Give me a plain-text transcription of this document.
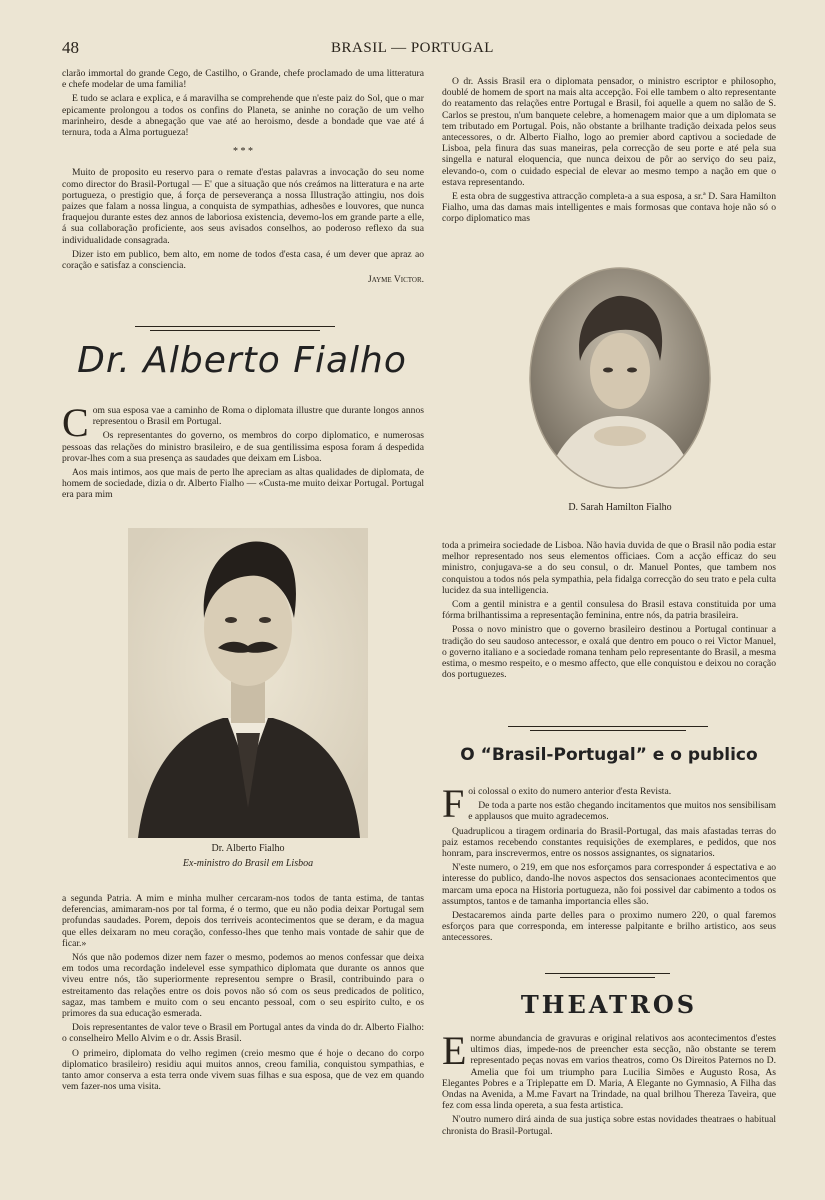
48	BRASIL — PORTUGAL

clarão immortal do grande Cego, de Castilho, o Grande, chefe proclamado de uma litteratura e chefe modelar de uma familia!

E tudo se aclara e explica, e á maravilha se comprehende que n'este paiz do Sol, que o mar epicamente prolongou a todos os confins do Planeta, se aninhe no coração de um velho marinheiro, desde a abnegação que vae até ao heroismo, desde a bondade que vae até á ternura, toda a Alma portugueza!

* * *

Muito de proposito eu reservo para o remate d'estas palavras a invocação do seu nome como director do Brasil-Portugal — E' que a situação que nós creámos na litteratura e na arte portugueza, o prestigio que, á força de perseverança a nossa Illustração attingiu, nos dois paizes que falam a nossa lingua, a conquista de sympathias, adhesões e louvores, que nunca fraquejou durante estes dez annos de laboriosa existencia, devemo-los em grande parte a elle, á sua collaboração proficiente, aos seus avisados conselhos, ao poderoso reflexo da sua individualidade consagrada.

Dizer isto em publico, bem alto, em nome de todos d'esta casa, é um dever que apraz ao coração e satisfaz a consciencia.

Jayme Victor.
Dr. Alberto Fialho

Com sua esposa vae a caminho de Roma o diplomata illustre que durante longos annos representou o Brasil em Portugal.

Os representantes do governo, os membros do corpo diplomatico, e numerosas pessoas das relações do ministro brasileiro, e de sua gentilissima esposa foram á despedida provar-lhes com a sua presença as saudades que deixam em Lisboa.

Aos mais intimos, aos que mais de perto lhe apreciam as altas qualidades de diplomata, de homem de sociedade, dizia o dr. Alberto Fialho — «Custa-me muito deixar Portugal. Portugal era para mim

Dr. Alberto Fialho
Ex-ministro do Brasil em Lisboa

a segunda Patria. A mim e minha mulher cercaram-nos todos de tanta estima, de tantas deferencias, amimaram-nos por tal forma, é o termo, que eu não podia deixar Portugal sem profundas saudades. Porem, depois dos terriveis acontecimentos que se deram, e da magua que elles deixaram no meu coração, confesso-lhes que tenho mais vontade de sahir que de ficar.»

Nós que não podemos dizer nem fazer o mesmo, podemos ao menos confessar que deixa em todos uma recordação indelevel esse sympathico diplomata que durante os annos que viveu entre nós, tão superiormente representou sempre o Brasil, contribuindo para o estreitamento das relações entre os dois povos não só com os seus predicados de politico, sagaz, mas tambem e muito com o seu encanto pessoal, com o seu espirito culto, e os primores da sua educação esmerada.

Dois representantes de valor teve o Brasil em Portugal antes da vinda do dr. Alberto Fialho: o conselheiro Mello Alvim e o dr. Assis Brasil.

O primeiro, diplomata do velho regimen (creio mesmo que é hoje o decano do corpo diplomatico brasileiro) residiu aqui muitos annos, creou familia, conquistou sympathias, e tanto amor conserva a esta terra onde vivem suas filhas e sua esposa, que de vez em quando vem fazer-nos uma visita.

O dr. Assis Brasil era o diplomata pensador, o ministro escriptor e philosopho, doublé de homem de sport na mais alta accepção. Foi elle tambem o alto representante do reatamento das relações entre Portugal e Brasil, foi aquelle a quem no salão de S. Carlos se prestou, n'um banquete celebre, a homenagem maior que a um diplomata se tem tributado em Portugal. Pois, não obstante a brilhante tradição deixada pelos seus antecessores, o dr. Alberto Fialho, logo ao premier abord captivou a sociedade de Lisboa, pela finura das suas maneiras, pela correcção de seu porte e até pela sua singella e natural eloquencia, que nunca deixou de pôr ao serviço do seu paiz, elevando-o, com o cuidado especial de elevar ao mesmo tempo a nação em que o estava representando.

E esta obra de suggestiva attracção completa-a a sua esposa, a sr.ª D. Sara Hamilton Fialho, uma das damas mais intelligentes e mais formosas que contava hoje não só o corpo diplomatico mas

D. Sarah Hamilton Fialho

toda a primeira sociedade de Lisboa. Não havia duvida de que o Brasil não podia estar melhor representado nos seus elementos officiaes. Com a acção efficaz do seu ministro, conjugava-se a do seu consul, o dr. Manuel Pontes, que tambem nos conquistou a todos nós pela sympathia, pela fidalga correcção do seu trato e pela culta lucidez da sua intelligencia.

Com a gentil ministra e a gentil consulesa do Brasil estava constituida por uma fórma brilhantissima a representação feminina, entre nós, da patria brasileira.

Possa o novo ministro que o governo brasileiro destinou a Portugal continuar a tradição do seu saudoso antecessor, e oxalá que dentro em pouco o rei Victor Manuel, o governo italiano e a sociedade romana tenham pelo representante do Brasil, a mesma estima, o mesmo respeito, e o mesmo affecto, que elle conquistou e deixou no coração dos portuguezes.

O “Brasil-Portugal” e o publico

Foi colossal o exito do numero anterior d'esta Revista.

De toda a parte nos estão chegando incitamentos que muitos nos sensibilisam e applausos que muito agradecemos.

Quadruplicou a tiragem ordinaria do Brasil-Portugal, das mais afastadas terras do paiz estamos recebendo constantes requisições de exemplares, e pedidos, que nos honram, para inscrevermos, entre os nossos assignantes, os signatarios.

N'este numero, o 219, em que nos esforçamos para corresponder á espectativa e ao interesse do publico, dando-lhe novos aspectos dos sensacionaes acontecimentos que marcam uma epoca na Historia portugueza, não foi possivel dar cabimento a todos os assumptos, tantos e de tamanha importancia elles são.

Destacaremos ainda parte delles para o proximo numero 220, o qual faremos esforços para que corresponda, em interesse palpitante e brilho artistico, aos seus antecessores.

THEATROS

Enorme abundancia de gravuras e original relativos aos acontecimentos d'estes ultimos dias, impede-nos de preencher esta secção, não obstante se terem representado peças novas em varios theatros, como Os Direitos Paternos no D. Amelia que foi um triumpho para Lucilia Simões e Augusto Rosa, As Elegantes Pobres e a Triplepatte em D. Maria, A Elegante no Gymnasio, A Filha das Ondas na Avenida, a M.me Favart na Trindade, na qual brilhou Thereza Taveira, que fez com essa linda opereta, a sua festa artistica.

N'outro numero dirá ainda de sua justiça sobre estas novidades theatraes o habitual chronista do Brasil-Portugal.
